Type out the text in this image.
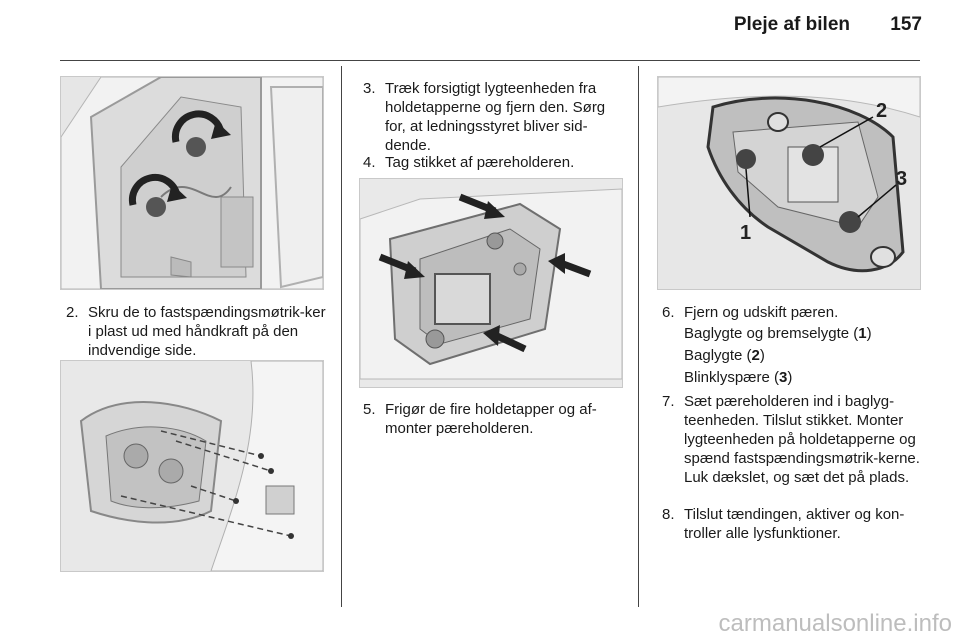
Pleje af bilen	157
2. Skru de to fastspændingsmøtrik-ker i plast ud med håndkraft på den indvendige side.
3. Træk forsigtigt lygteenheden fra holdetapperne og fjern den. Sørg for, at ledningsstyret bliver sid-dende.
4. Tag stikket af pæreholderen.
5. Frigør de fire holdetapper og af-monter pæreholderen.
1
2
3
6. Fjern og udskift pæren.
Baglygte og bremselygte (1)
Baglygte (2)
Blinklyspære (3)
7. Sæt pæreholderen ind i baglyg-teenheden. Tilslut stikket. Monter lygteenheden på holdetapperne og spænd fastspændingsmøtrik-kerne. Luk dækslet, og sæt det på plads.
8. Tilslut tændingen, aktiver og kon-troller alle lysfunktioner.
carmanualsonline.info
